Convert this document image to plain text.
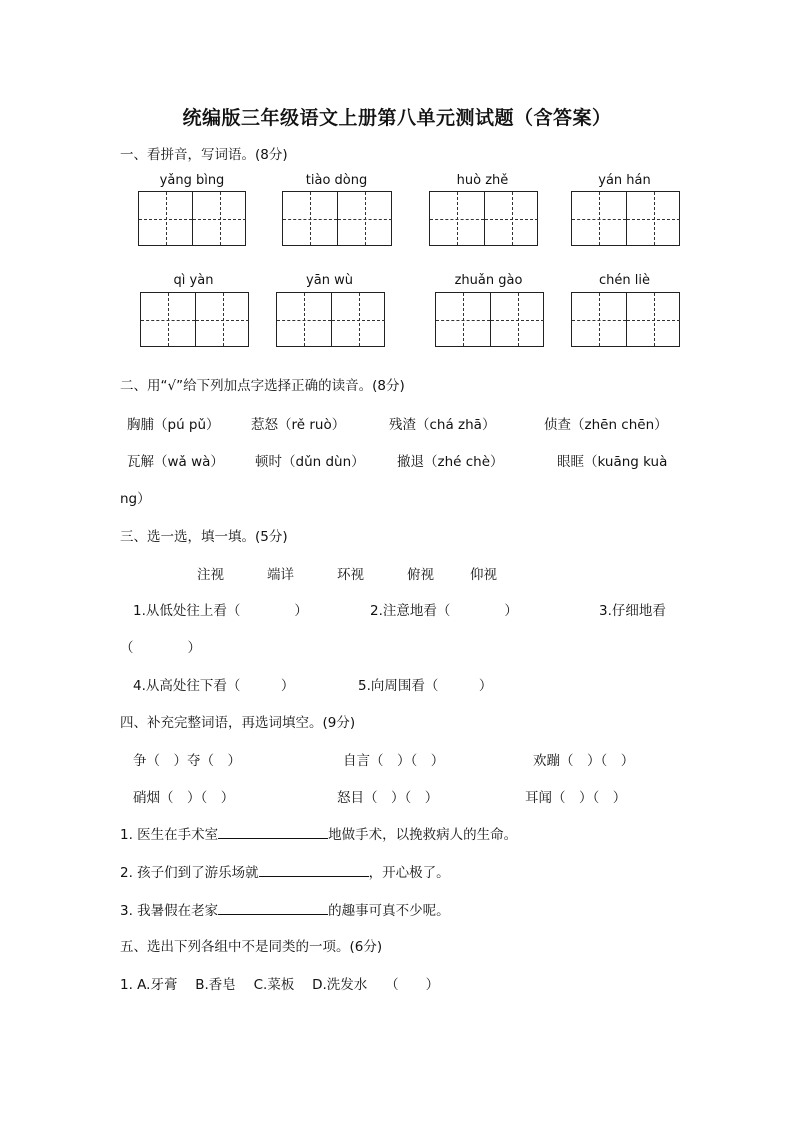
统编版三年级语文上册第八单元测试题（含答案）
一、看拼音，写词语。(8分)
yǎng bìng	tiào dòng	huò zhě	yán hán
qì yàn	yān wù	zhuǎn gào	chén liè
二、用“√”给下列加点字选择正确的读音。(8分)
胸脯（pú pǔ） 惹怒（rě ruò）	残渣（chá zhā）	侦查（zhēn chēn）
瓦解（wǎ wà） 顿时（dǔn dùn） 撤退（zhé chè）	眼眶（kuāng kuà
ng）
三、选一选，填一填。(5分)
注视	端详	环视	俯视	仰视
1.从低处往上看（　　　　）	2.注意地看（　　　　）	3.仔细地看
（　　　　）
4.从高处往下看（　　　）	5.向周围看（　　　）
四、补充完整词语，再选词填空。(9分)
争（　）夺（　）	自言（　）（　）	欢蹦（　）（　）
硝烟（　）（　）	怒目（　）（　）	耳闻（　）（　）
1. 医生在手术室	地做手术，以挽救病人的生命。
2. 孩子们到了游乐场就	，开心极了。
3. 我暑假在老家	的趣事可真不少呢。
五、选出下列各组中不是同类的一项。(6分)
1. A.牙膏　 B.香皂　 C.菜板　 D.洗发水　 （　　）
